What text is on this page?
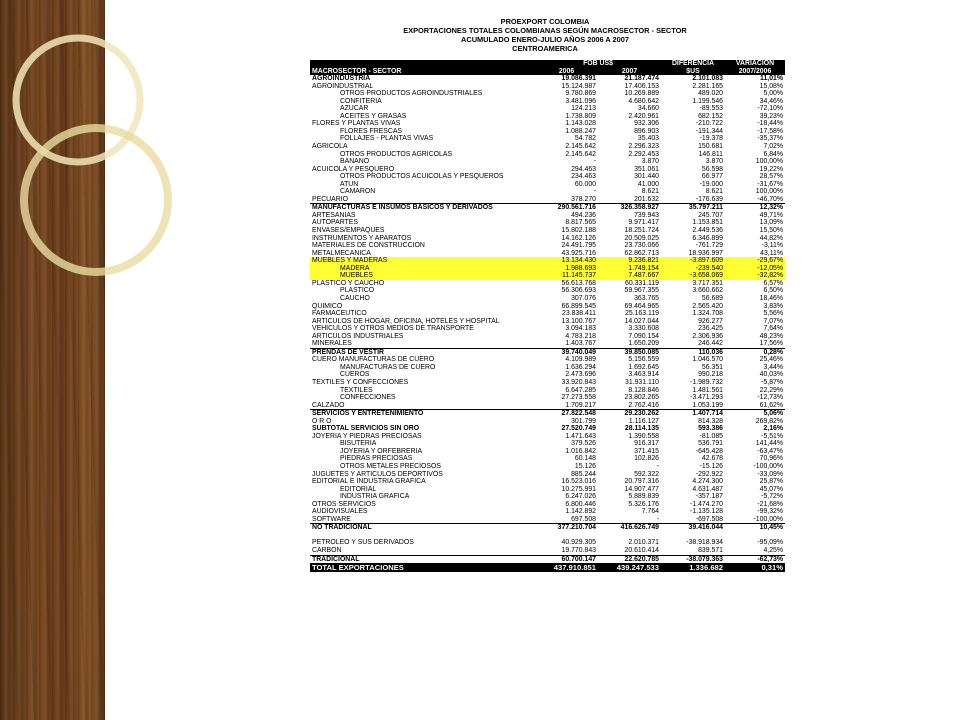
PROEXPORT COLOMBIA
EXPORTACIONES TOTALES COLOMBIANAS SEGÚN MACROSECTOR - SECTOR
ACUMULADO ENERO-JULIO AÑOS 2006 A 2007
CENTROAMERICA
	FOB US$		DIFERENCIA	VARIACION
MACROSECTOR - SECTOR	2006	2007	$US	2007/2006
AGROINDUSTRIA	19.086.391	21.187.474	2.101.083	11,01%
AGROINDUSTRIAL	15.124.987	17.406.153	2.281.165	15,08%
OTROS PRODUCTOS AGROINDUSTRIALES	9.780.869	10.269.889	489.020	5,00%
CONFITERIA	3.481.096	4.680.642	1.199.546	34,46%
AZUCAR	124.213	34.660	-89.553	-72,10%
ACEITES Y GRASAS	1.738.809	2.420.961	682.152	39,23%
FLORES Y PLANTAS VIVAS	1.143.028	932.306	-210.722	-18,44%
FLORES FRESCAS	1.088.247	896.903	-191.344	-17,58%
FOLLAJES - PLANTAS VIVAS	54.782	35.403	-19.378	-35,37%
AGRICOLA	2.145.642	2.296.323	150.681	7,02%
OTROS PRODUCTOS AGRICOLAS	2.145.642	2.292.453	146.811	6,84%
BANANO	-	3.870	3.870	100,00%
ACUICOLA Y PESQUERO	294.463	351.061	56.598	19,22%
OTROS PRODUCTOS ACUICOLAS Y PESQUEROS	234.463	301.440	66.977	28,57%
ATUN	60.000	41.000	-19.000	-31,67%
CAMARON	-	8.621	8.621	100,00%
PECUARIO	378.270	201.632	-176.639	-46,70%
MANUFACTURAS E INSUMOS BASICOS Y DERIVADOS	290.561.716	326.358.927	35.797.211	12,32%
ARTESANIAS	494.236	739.943	245.707	49,71%
AUTOPARTES	8.817.565	9.971.417	1.153.851	13,09%
ENVASES/EMPAQUES	15.802.188	18.251.724	2.449.536	15,50%
INSTRUMENTOS Y APARATOS	14.162.126	20.509.025	6.346.899	44,82%
MATERIALES DE CONSTRUCCION	24.491.795	23.730.066	-761.729	-3,11%
METALMECANICA	43.925.716	62.862.713	18.936.997	43,11%
MUEBLES Y MADERAS	13.134.430	9.236.821	-3.897.609	-29,67%
MADERA	1.988.693	1.749.154	-239.540	-12,05%
MUEBLES	11.145.737	7.487.667	-3.658.069	-32,82%
PLASTICO Y CAUCHO	56.613.768	60.331.119	3.717.351	6,57%
PLASTICO	56.306.693	59.967.355	3.660.662	6,50%
CAUCHO	307.076	363.765	56.689	18,46%
QUIMICO	66.899.545	69.464.965	2.565.420	3,83%
FARMACEUTICO	23.838.411	25.163.119	1.324.708	5,56%
ARTICULOS DE HOGAR, OFICINA, HOTELES Y HOSPITAL	13.100.767	14.027.044	926.277	7,07%
VEHICULOS Y OTROS MEDIOS DE TRANSPORTE	3.094.183	3.330.608	236.425	7,64%
ARTICULOS INDUSTRIALES	4.783.218	7.090.154	2.306.936	48,23%
MINERALES	1.403.767	1.650.209	246.442	17,56%
PRENDAS DE VESTIR	39.740.049	39.850.085	110.036	0,28%
CUERO MANUFACTURAS DE CUERO	4.109.989	5.156.559	1.046.570	25,46%
MANUFACTURAS DE CUERO	1.636.294	1.692.645	56.351	3,44%
CUEROS	2.473.696	3.463.914	990.218	40,03%
TEXTILES Y CONFECCIONES	33.920.843	31.931.110	-1.989.732	-5,87%
TEXTILES	6.647.285	8.128.846	1.481.561	22,29%
CONFECCIONES	27.273.558	23.802.265	-3.471.293	-12,73%
CALZADO	1.709.217	2.762.416	1.053.199	61,62%
SERVICIOS Y ENTRETENIMIENTO	27.822.548	29.230.262	1.407.714	5,06%
O R O	301.799	1.116.127	814.328	269,82%
SUBTOTAL SERVICIOS SIN ORO	27.520.749	28.114.135	593.386	2,16%
JOYERIA Y PIEDRAS PRECIOSAS	1.471.643	1.390.558	-81.085	-5,51%
BISUTERIA	379.526	916.317	536.791	141,44%
JOYERIA Y ORFEBRERIA	1.016.842	371.415	-645.428	-63,47%
PIEDRAS PRECIOSAS	60.148	102.826	42.678	70,96%
OTROS METALES PRECIOSOS	15.126	-	-15.126	-100,00%
JUGUETES Y ARTICULOS DEPORTIVOS	885.244	592.322	-292.922	-33,09%
EDITORIAL E INDUSTRIA GRAFICA	16.523.016	20.797.316	4.274.300	25,87%
EDITORIAL	10.275.991	14.907.477	4.631.487	45,07%
INDUSTRIA GRAFICA	6.247.026	5.889.839	-357.187	-5,72%
OTROS SERVICIOS	6.800.446	5.326.176	-1.474.270	-21,68%
AUDIOVISUALES	1.142.892	7.764	-1.135.128	-99,32%
SOFTWARE	697.508	-	-697.508	-100,00%
NO TRADICIONAL	377.210.704	416.626.749	39.416.044	10,45%

PETROLEO Y SUS DERIVADOS	40.929.305	2.010.371	-38.918.934	-95,09%
CARBON	19.770.843	20.610.414	839.571	4,25%
TRADICIONAL	60.700.147	22.620.785	-38.079.363	-62,73%
TOTAL EXPORTACIONES	437.910.851	439.247.533	1.336.682	0,31%
